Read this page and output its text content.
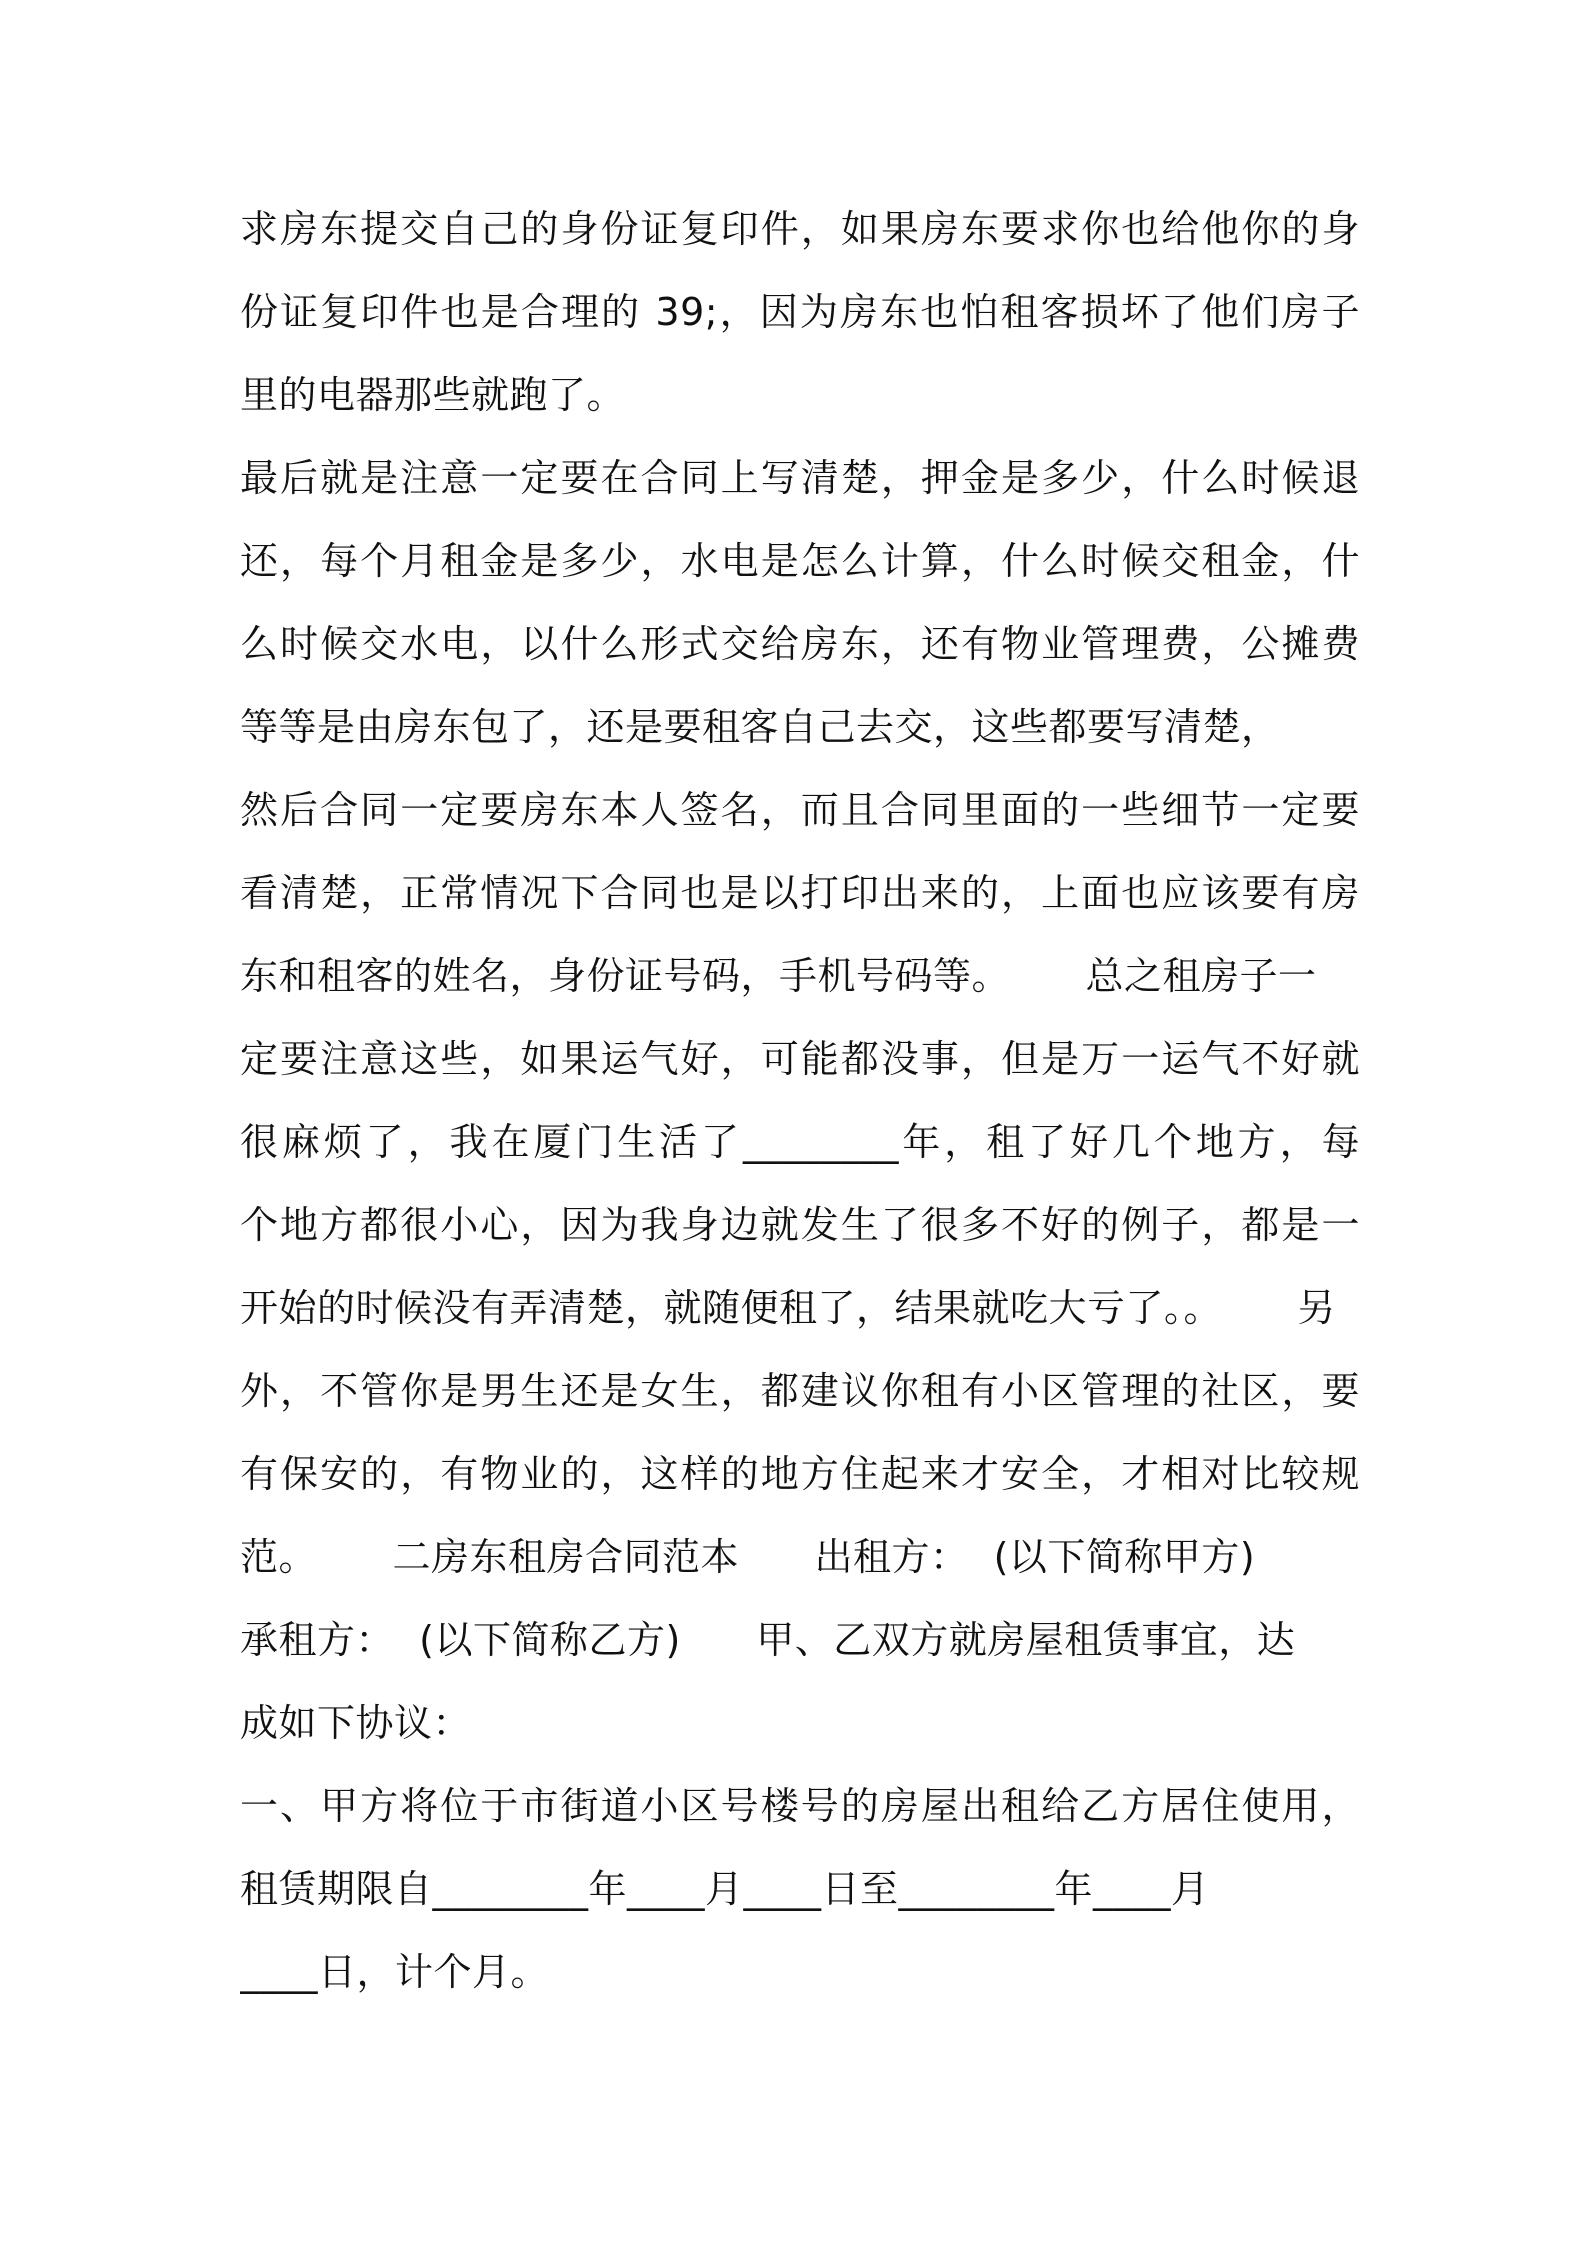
求房东提交自己的身份证复印件，如果房东要求你也给他你的身
份证复印件也是合理的 39;，因为房东也怕租客损坏了他们房子
里的电器那些就跑了。
最后就是注意一定要在合同上写清楚，押金是多少，什么时候退
还，每个月租金是多少，水电是怎么计算，什么时候交租金，什
么时候交水电，以什么形式交给房东，还有物业管理费，公摊费
等等是由房东包了，还是要租客自己去交，这些都要写清楚，
然后合同一定要房东本人签名，而且合同里面的一些细节一定要
看清楚，正常情况下合同也是以打印出来的，上面也应该要有房
东和租客的姓名，身份证号码，手机号码等。      总之租房子一
定要注意这些，如果运气好，可能都没事，但是万一运气不好就
很麻烦了，我在厦门生活了________年，租了好几个地方，每
个地方都很小心，因为我身边就发生了很多不好的例子，都是一
开始的时候没有弄清楚，就随便租了，结果就吃大亏了。。      另
外，不管你是男生还是女生，都建议你租有小区管理的社区，要
有保安的，有物业的，这样的地方住起来才安全，才相对比较规
范。      二房东租房合同范本      出租方：  (以下简称甲方)
承租方：  (以下简称乙方)      甲、乙双方就房屋租赁事宜，达
成如下协议：
一、甲方将位于市街道小区号楼号的房屋出租给乙方居住使用，
租赁期限自________年____月____日至________年____月
____日，计个月。
